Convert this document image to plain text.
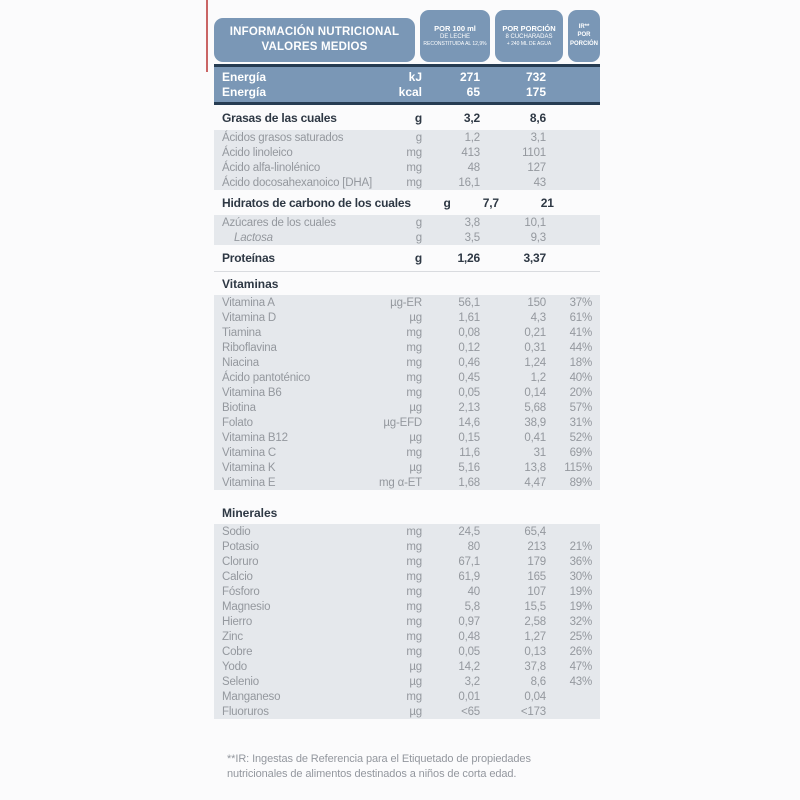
INFORMACIÓN NUTRICIONAL
VALORES MEDIOS
POR 100 ml
DE LECHE
RECONSTITUIDA AL 12,9%
POR PORCIÓN
8 CUCHARADAS
+ 240 ML DE AGUA
IR**
POR
PORCIÓN
Energía	kJ	271	732
Energía	kcal	65	175
Grasas de las cuales	g	3,2	8,6
Ácidos grasos saturados	g	1,2	3,1
Ácido linoleico	mg	413	1101
Ácido alfa-linolénico	mg	48	127
Ácido docosahexanoico [DHA]	mg	16,1	43
Hidratos de carbono de los cuales	g	7,7	21
Azúcares de los cuales	g	3,8	10,1
Lactosa	g	3,5	9,3
Proteínas	g	1,26	3,37
Vitaminas
Vitamina A	µg-ER	56,1	150	37%
Vitamina D	µg	1,61	4,3	61%
Tiamina	mg	0,08	0,21	41%
Riboflavina	mg	0,12	0,31	44%
Niacina	mg	0,46	1,24	18%
Ácido pantoténico	mg	0,45	1,2	40%
Vitamina B6	mg	0,05	0,14	20%
Biotina	µg	2,13	5,68	57%
Folato	µg-EFD	14,6	38,9	31%
Vitamina B12	µg	0,15	0,41	52%
Vitamina C	mg	11,6	31	69%
Vitamina K	µg	5,16	13,8	115%
Vitamina E	mg α-ET	1,68	4,47	89%
Minerales
Sodio	mg	24,5	65,4
Potasio	mg	80	213	21%
Cloruro	mg	67,1	179	36%
Calcio	mg	61,9	165	30%
Fósforo	mg	40	107	19%
Magnesio	mg	5,8	15,5	19%
Hierro	mg	0,97	2,58	32%
Zinc	mg	0,48	1,27	25%
Cobre	mg	0,05	0,13	26%
Yodo	µg	14,2	37,8	47%
Selenio	µg	3,2	8,6	43%
Manganeso	mg	0,01	0,04
Fluoruros	µg	<65	<173
**IR: Ingestas de Referencia para el Etiquetado de propiedades
nutricionales de alimentos destinados a niños de corta edad.
